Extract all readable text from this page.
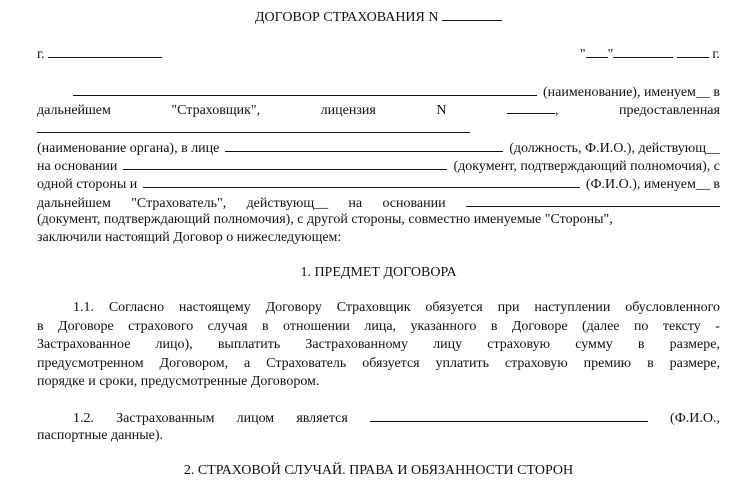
ДОГОВОР СТРАХОВАНИЯ N
г.	" "	г.
(наименование), именуем__ в
дальнейшем	"Страховщик",	лицензия	N	,	предоставленная
(наименование органа), в лице	(должность, Ф.И.О.), действующ__
на основании	(документ, подтверждающий полномочия), с
одной стороны и	(Ф.И.О.), именуем__ в
дальнейшем "Страхователь", действующ__ на основании
(документ, подтверждающий полномочия), с другой стороны, совместно именуемые "Стороны",
заключили настоящий Договор о нижеследующем:
1. ПРЕДМЕТ ДОГОВОРА
1.1. Согласно настоящему Договору Страховщик обязуется при наступлении обусловленного
в Договоре страхового случая в отношении лица, указанного в Договоре (далее по тексту -
Застрахованное лицо), выплатить Застрахованному лицу страховую сумму в размере,
предусмотренном Договором, а Страхователь обязуется уплатить страховую премию в размере,
порядке и сроки, предусмотренные Договором.
1.2. Застрахованным лицом является	(Ф.И.О.,
паспортные данные).
2. СТРАХОВОЙ СЛУЧАЙ. ПРАВА И ОБЯЗАННОСТИ СТОРОН
